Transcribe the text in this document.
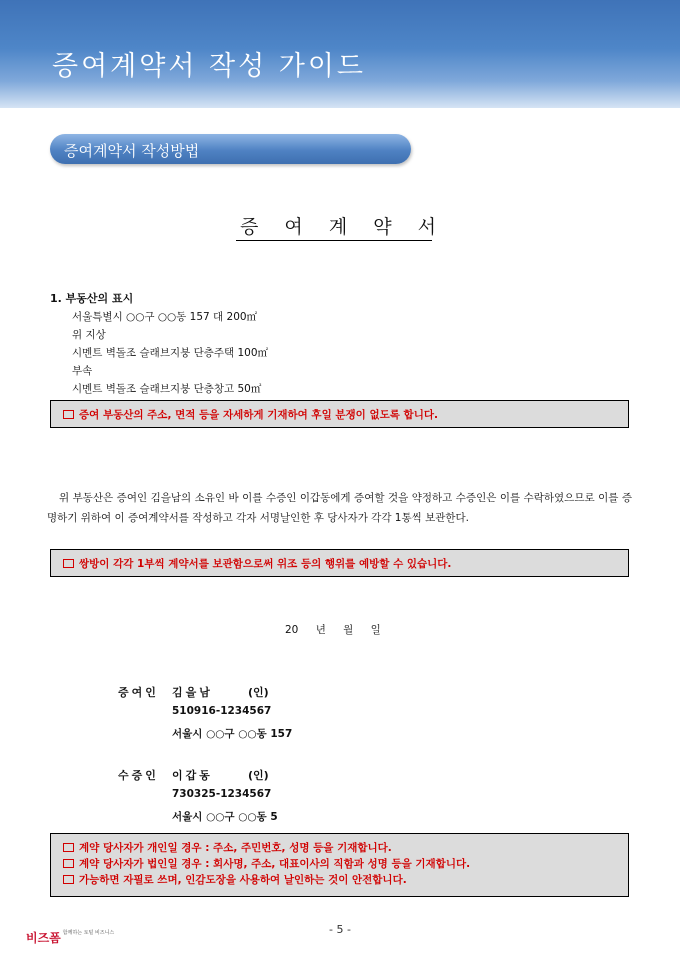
증여계약서 작성 가이드
증여계약서 작성방법
증 여 계 약 서
1. 부동산의 표시
서울특별시 ○○구 ○○동 157 대 200㎡
위 지상
시멘트 벽돌조 슬래브지붕 단층주택 100㎡
부속
시멘트 벽돌조 슬래브지붕 단층창고 50㎡
증여 부동산의 주소, 면적 등을 자세하게 기재하여 후일 분쟁이 없도록 합니다.
위 부동산은 증여인 김을남의 소유인 바 이를 수증인 이갑동에게 증여할 것을 약정하고 수증인은 이를 수락하였으므로 이를 증명하기 위하여 이 증여계약서를 작성하고 각자 서명날인한 후 당사자가 각각 1통씩 보관한다.
쌍방이 각각 1부씩 계약서를 보관함으로써 위조 등의 행위를 예방할 수 있습니다.
20 년 월 일
증여인 김을남	(인)
510916-1234567
서울시 ○○구 ○○동 157
수증인 이갑동	(인)
730325-1234567
서울시 ○○구 ○○동 5
계약 당사자가 개인일 경우 : 주소, 주민번호, 성명 등을 기재합니다.
계약 당사자가 법인일 경우 : 회사명, 주소, 대표이사의 직함과 성명 등을 기재합니다.
가능하면 자필로 쓰며, 인감도장을 사용하여 날인하는 것이 안전합니다.
비즈폼 $^{함께하는 토털 비즈니스}$	- 5 -
